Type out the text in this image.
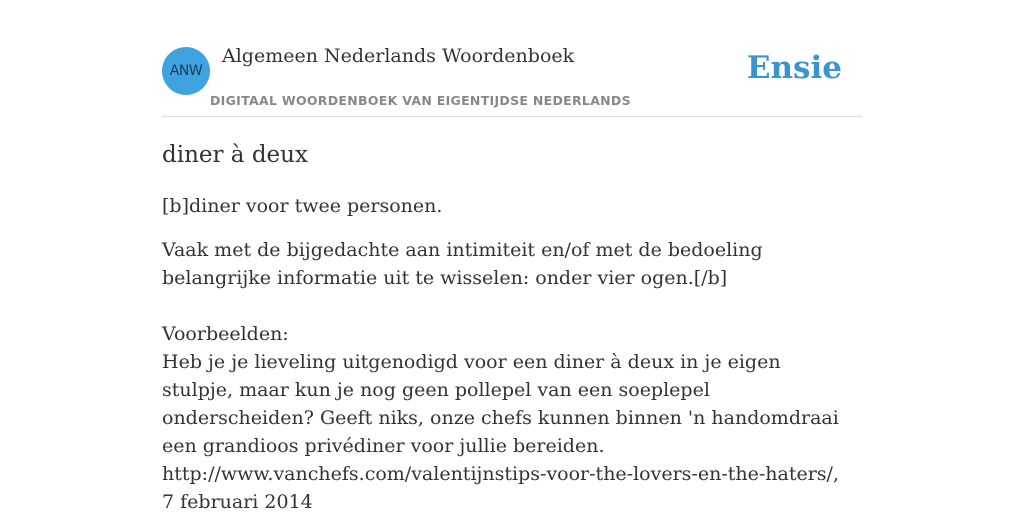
ANW
Algemeen Nederlands Woordenboek
DIGITAAL WOORDENBOEK VAN EIGENTIJDSE NEDERLANDS
Ensie
diner à deux

[b]diner voor twee personen.

Vaak met de bijgedachte aan intimiteit en/of met de bedoeling belangrijke informatie uit te wisselen: onder vier ogen.[/b]

Voorbeelden:

Heb je je lieveling uitgenodigd voor een diner à deux in je eigen stulpje, maar kun je nog geen pollepel van een soeplepel onderscheiden? Geeft niks, onze chefs kunnen binnen 'n handomdraai een grandioos privédiner voor jullie bereiden.

http://www.vanchefs.com/valentijnstips-voor-the-lovers-en-the-haters/, 7 februari 2014
